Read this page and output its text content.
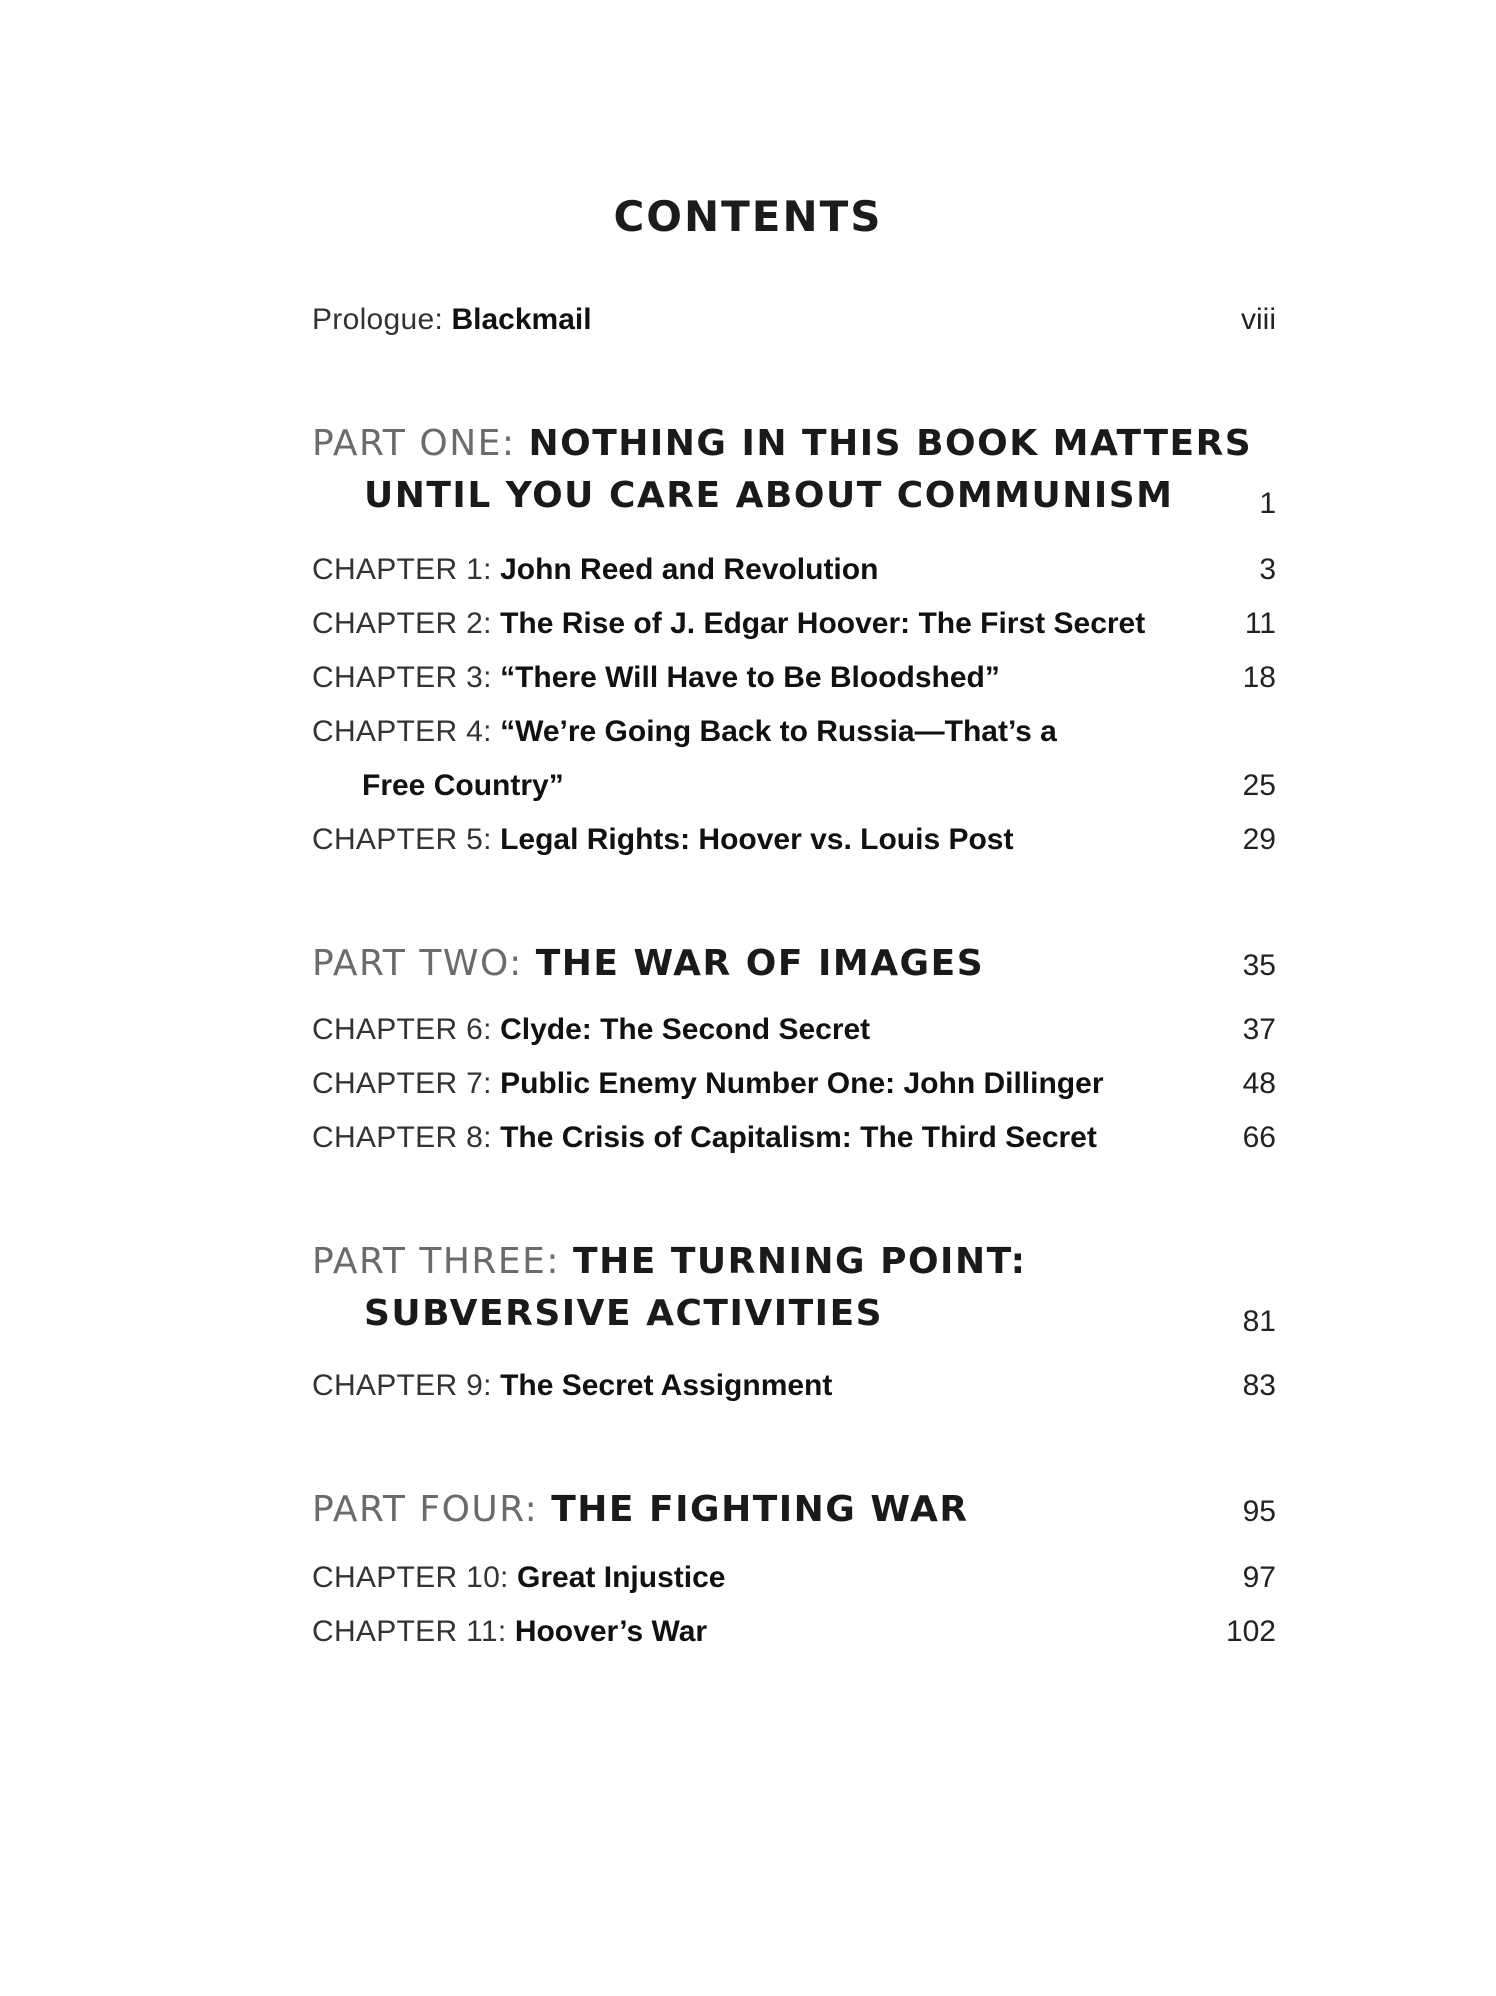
CONTENTS
Prologue: Blackmail	viii
PART ONE: NOTHING IN THIS BOOK MATTERS
UNTIL YOU CARE ABOUT COMMUNISM	1
CHAPTER 1: John Reed and Revolution	3
CHAPTER 2: The Rise of J. Edgar Hoover: The First Secret	11
CHAPTER 3: “There Will Have to Be Bloodshed”	18
CHAPTER 4: “We’re Going Back to Russia—That’s a
Free Country”	25
CHAPTER 5: Legal Rights: Hoover vs. Louis Post	29
PART TWO: THE WAR OF IMAGES	35
CHAPTER 6: Clyde: The Second Secret	37
CHAPTER 7: Public Enemy Number One: John Dillinger	48
CHAPTER 8: The Crisis of Capitalism: The Third Secret	66
PART THREE: THE TURNING POINT:
SUBVERSIVE ACTIVITIES	81
CHAPTER 9: The Secret Assignment	83
PART FOUR: THE FIGHTING WAR	95
CHAPTER 10: Great Injustice	97
CHAPTER 11: Hoover’s War	102
